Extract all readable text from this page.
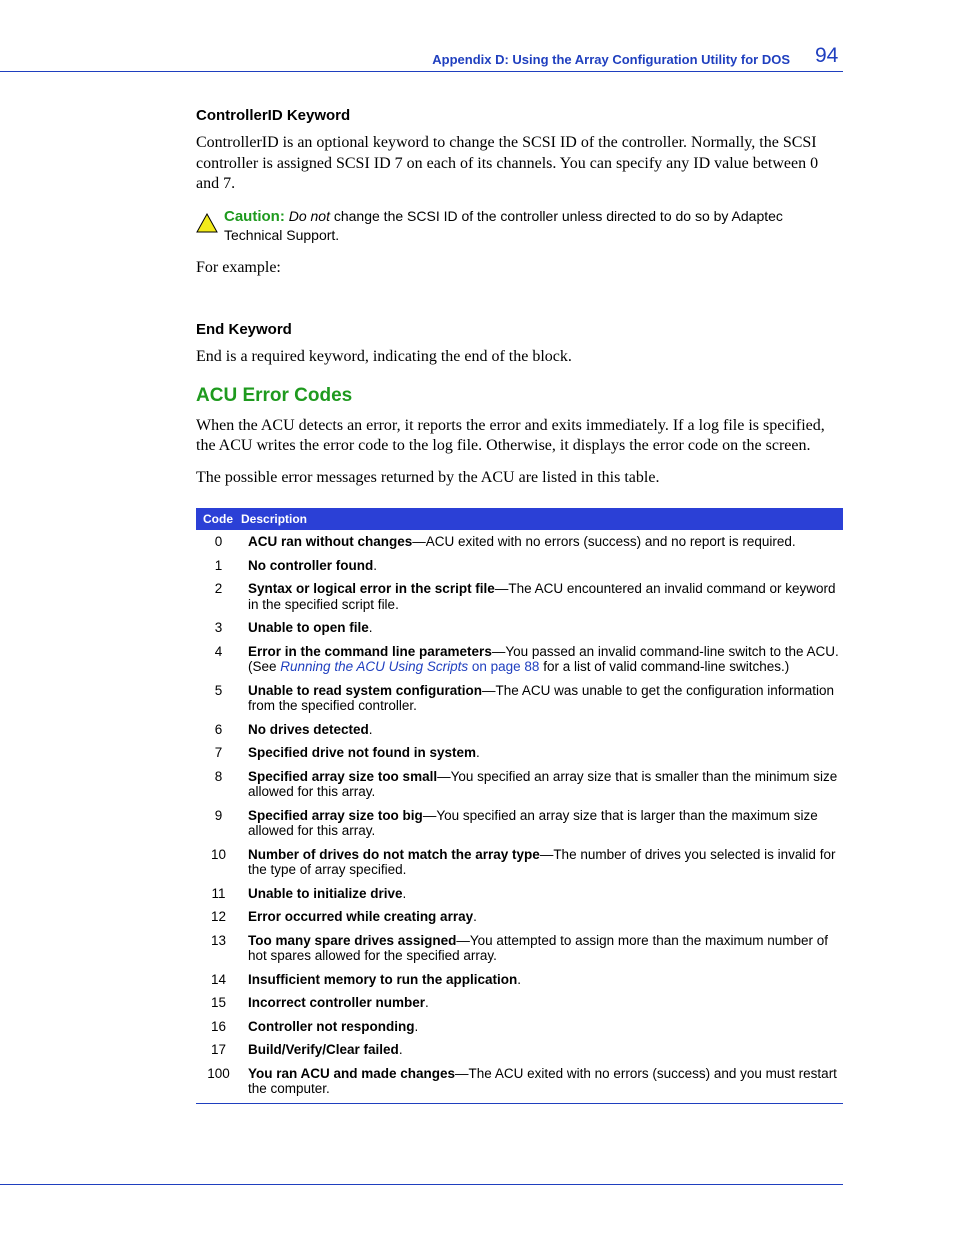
Appendix D: Using the Array Configuration Utility for DOS 94
ControllerID Keyword

ControllerID is an optional keyword to change the SCSI ID of the controller. Normally, the SCSI controller is assigned SCSI ID 7 on each of its channels. You can specify any ID value between 0 and 7.

Caution: Do not change the SCSI ID of the controller unless directed to do so by Adaptec Technical Support.

For example:

End Keyword

End is a required keyword, indicating the end of the block.

ACU Error Codes

When the ACU detects an error, it reports the error and exits immediately. If a log file is specified, the ACU writes the error code to the log file. Otherwise, it displays the error code on the screen.

The possible error messages returned by the ACU are listed in this table.

Code	Description
0	ACU ran without changes—ACU exited with no errors (success) and no report is required.
1	No controller found.
2	Syntax or logical error in the script file—The ACU encountered an invalid command or keyword in the specified script file.
3	Unable to open file.
4	Error in the command line parameters—You passed an invalid command-line switch to the ACU. (See Running the ACU Using Scripts on page 88 for a list of valid command-line switches.)
5	Unable to read system configuration—The ACU was unable to get the configuration information from the specified controller.
6	No drives detected.
7	Specified drive not found in system.
8	Specified array size too small—You specified an array size that is smaller than the minimum size allowed for this array.
9	Specified array size too big—You specified an array size that is larger than the maximum size allowed for this array.
10	Number of drives do not match the array type—The number of drives you selected is invalid for the type of array specified.
11	Unable to initialize drive.
12	Error occurred while creating array.
13	Too many spare drives assigned—You attempted to assign more than the maximum number of hot spares allowed for the specified array.
14	Insufficient memory to run the application.
15	Incorrect controller number.
16	Controller not responding.
17	Build/Verify/Clear failed.
100	You ran ACU and made changes—The ACU exited with no errors (success) and you must restart the computer.
